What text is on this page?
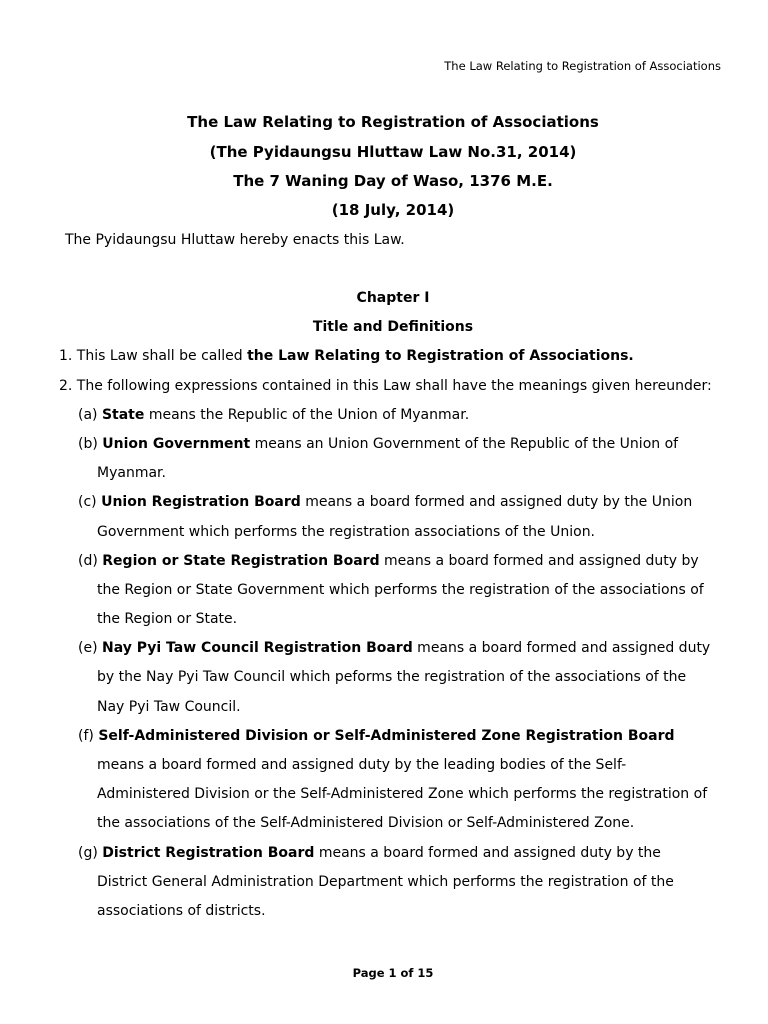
The Law Relating to Registration of Associations
The Law Relating to Registration of Associations
(The Pyidaungsu Hluttaw Law No.31, 2014)
The 7 Waning Day of Waso, 1376 M.E.
(18 July, 2014)
The Pyidaungsu Hluttaw hereby enacts this Law.
Chapter I
Title and Definitions
1. This Law shall be called the Law Relating to Registration of Associations.
2. The following expressions contained in this Law shall have the meanings given hereunder:
(a) State means the Republic of the Union of Myanmar.
(b) Union Government means an Union Government of the Republic of the Union of
Myanmar.
(c) Union Registration Board means a board formed and assigned duty by the Union
Government which performs the registration associations of the Union.
(d) Region or State Registration Board means a board formed and assigned duty by
the Region or State Government which performs the registration of the associations of
the Region or State.
(e) Nay Pyi Taw Council Registration Board means a board formed and assigned duty
by the Nay Pyi Taw Council which peforms the registration of the associations of the
Nay Pyi Taw Council.
(f) Self-Administered Division or Self-Administered Zone Registration Board
means a board formed and assigned duty by the leading bodies of the Self-
Administered Division or the Self-Administered Zone which performs the registration of
the associations of the Self-Administered Division or Self-Administered Zone.
(g) District Registration Board means a board formed and assigned duty by the
District General Administration Department which performs the registration of the
associations of districts.
Page 1 of 15
